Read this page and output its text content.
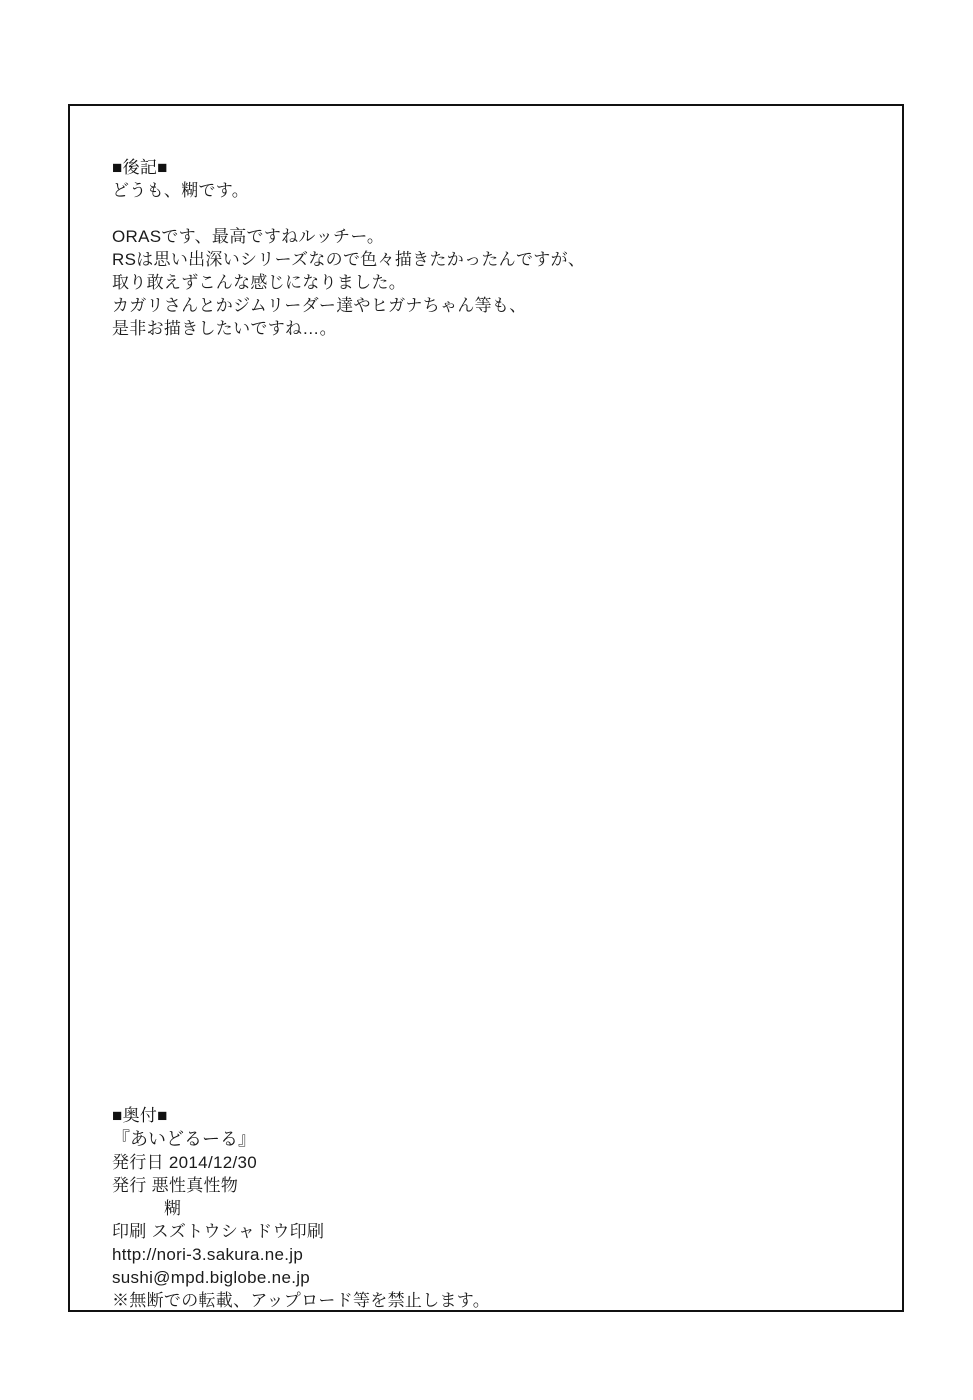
■後記■
どうも、糊です。
ORASです、最高ですねルッチー。
RSは思い出深いシリーズなので色々描きたかったんですが、
取り敢えずこんな感じになりました。
カガリさんとかジムリーダー達やヒガナちゃん等も、
是非お描きしたいですね…。
■奥付■
『あいどるーる』
発行日 2014/12/30
発行 悪性真性物
糊
印刷 スズトウシャドウ印刷
http://nori-3.sakura.ne.jp
sushi@mpd.biglobe.ne.jp
※無断での転載、アップロード等を禁止します。
